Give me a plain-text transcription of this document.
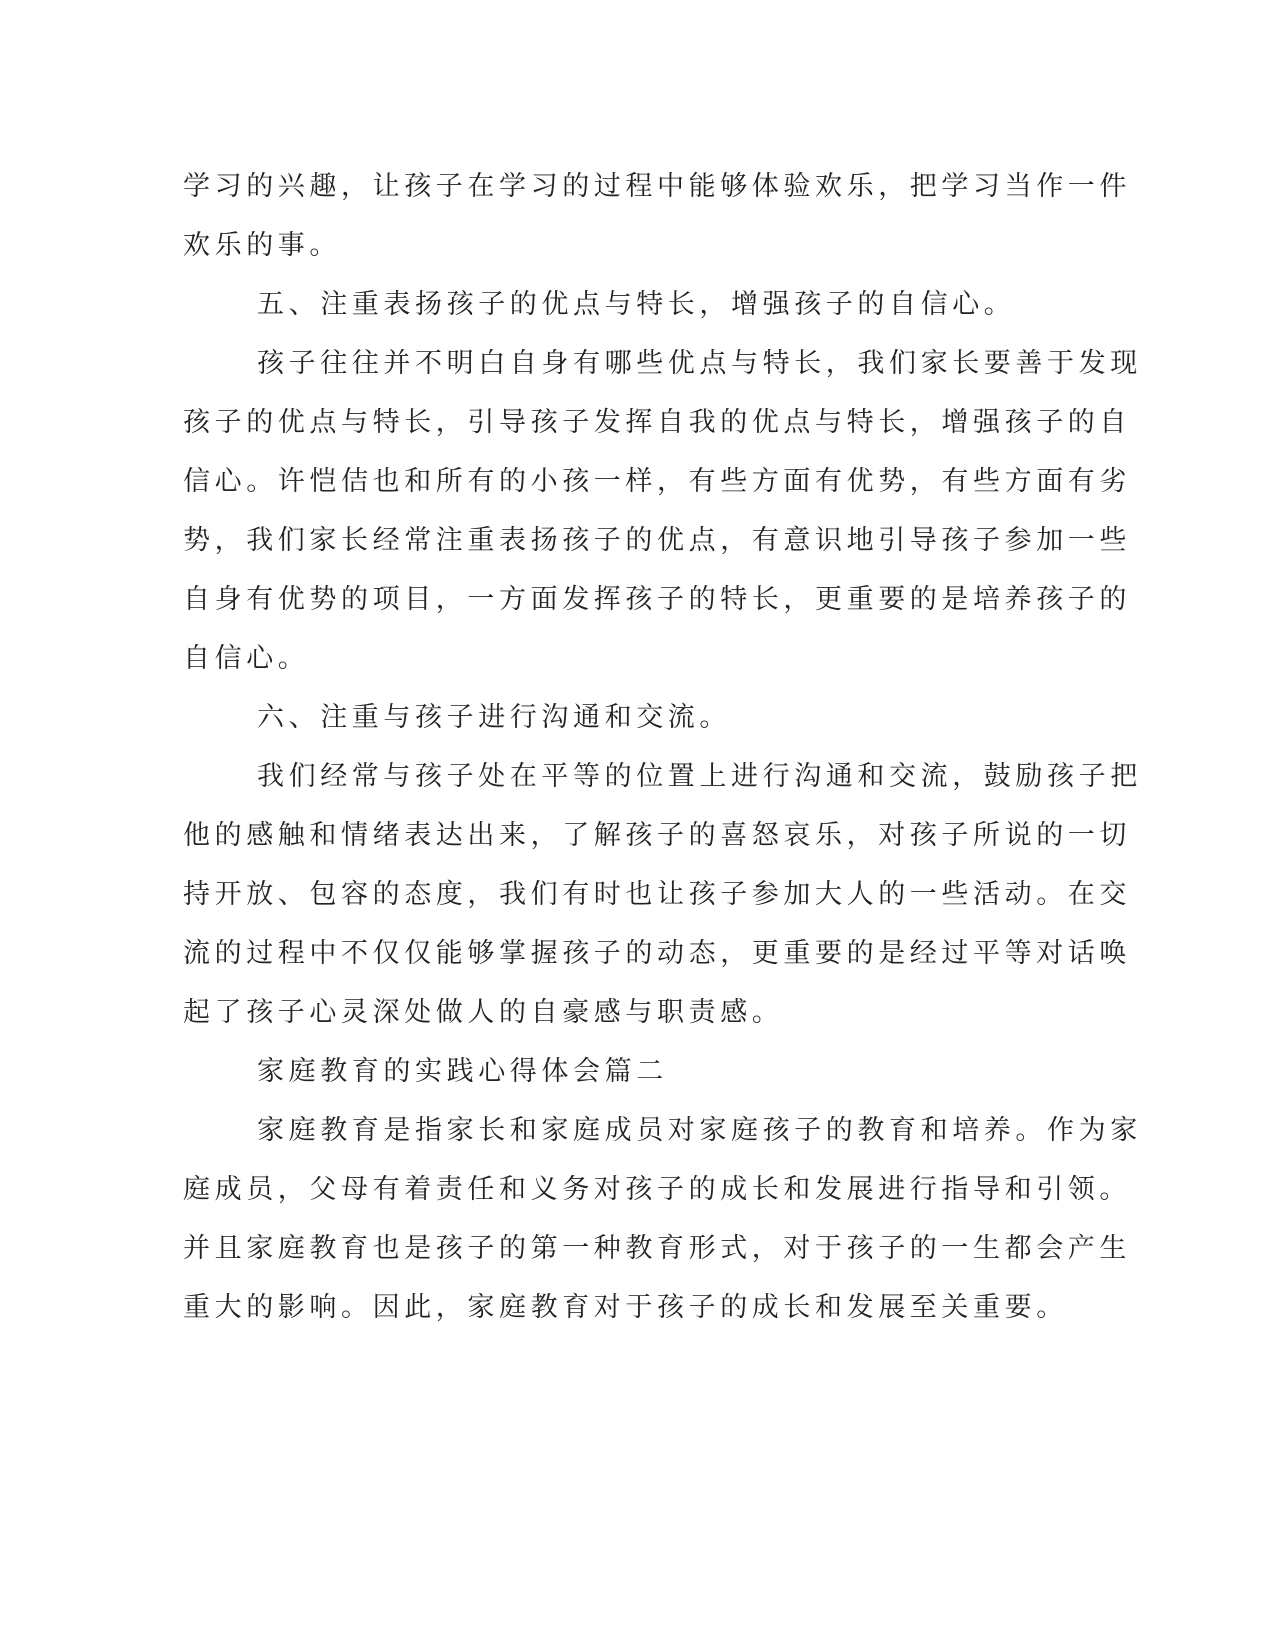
学习的兴趣，让孩子在学习的过程中能够体验欢乐，把学习当作一件
欢乐的事。
五、注重表扬孩子的优点与特长，增强孩子的自信心。
孩子往往并不明白自身有哪些优点与特长，我们家长要善于发现
孩子的优点与特长，引导孩子发挥自我的优点与特长，增强孩子的自
信心。许恺佶也和所有的小孩一样，有些方面有优势，有些方面有劣
势，我们家长经常注重表扬孩子的优点，有意识地引导孩子参加一些
自身有优势的项目，一方面发挥孩子的特长，更重要的是培养孩子的
自信心。
六、注重与孩子进行沟通和交流。
我们经常与孩子处在平等的位置上进行沟通和交流，鼓励孩子把
他的感触和情绪表达出来，了解孩子的喜怒哀乐，对孩子所说的一切
持开放、包容的态度，我们有时也让孩子参加大人的一些活动。在交
流的过程中不仅仅能够掌握孩子的动态，更重要的是经过平等对话唤
起了孩子心灵深处做人的自豪感与职责感。
家庭教育的实践心得体会篇二
家庭教育是指家长和家庭成员对家庭孩子的教育和培养。作为家
庭成员，父母有着责任和义务对孩子的成长和发展进行指导和引领。
并且家庭教育也是孩子的第一种教育形式，对于孩子的一生都会产生
重大的影响。因此，家庭教育对于孩子的成长和发展至关重要。
